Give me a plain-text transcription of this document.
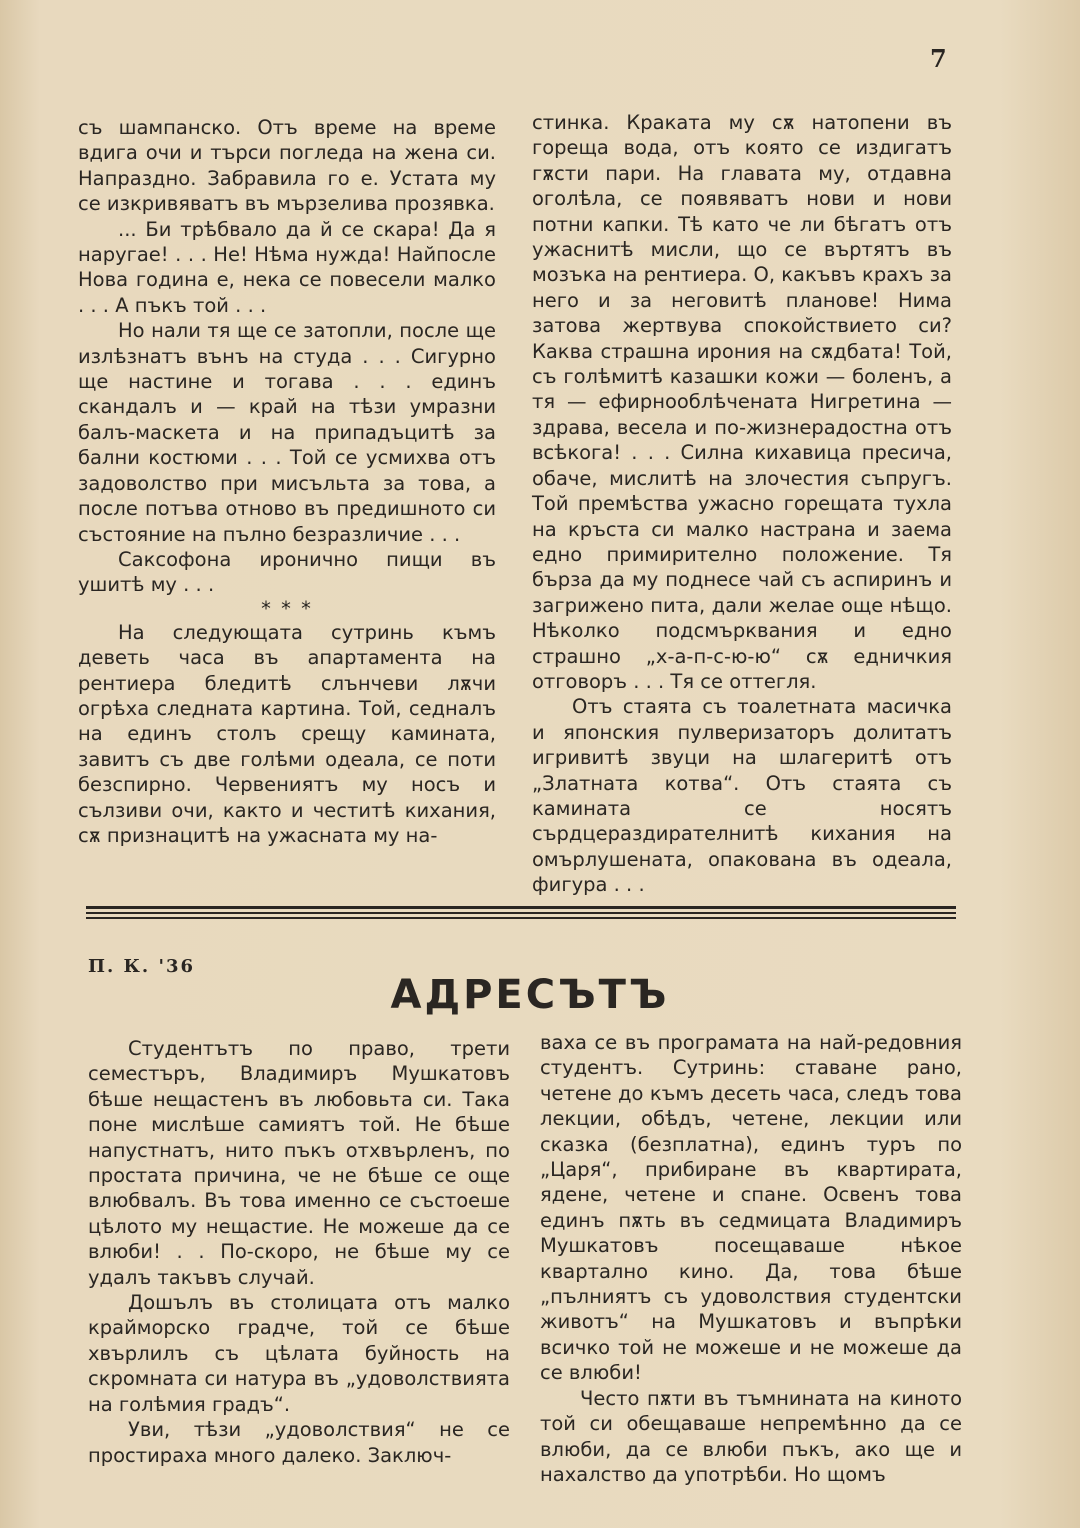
7

съ шампанско. Отъ време на време вдига очи и търси погледа на жена си. Напраздно. Забравила го е. Устата му се изкривяватъ въ мързелива прозявка.

... Би трѣбвало да й се скара! Да я наругае! . . . Не! Нѣма нужда! Найпосле Нова година е, нека се повесели малко . . . А пъкъ той . . .

Но нали тя ще се затопли, после ще излѣзнатъ вънъ на студа . . . Сигурно ще настине и тогава . . . единъ скандалъ и — край на тѣзи умразни балъ-маскета и на припадъцитѣ за бални костюми . . . Той се усмихва отъ задоволство при мисъльта за това, а после потъва отново въ предишното си състояние на пълно безразличие . . .

Саксофона иронично пищи въ ушитѣ му . . .

* * *

На следующата сутринь къмъ деветь часа въ апартамента на рентиера бледитѣ слънчеви лѫчи огрѣха следната картина. Той, седналъ на единъ столъ срещу камината, завитъ съ две голѣми одеала, се поти безспирно. Червениятъ му носъ и сълзиви очи, както и честитѣ кихания, сѫ признацитѣ на ужасната му на-

стинка. Краката му сѫ натопени въ гореща вода, отъ която се издигатъ гѫсти пари. На главата му, отдавна оголѣла, се появяватъ нови и нови потни капки. Тѣ като че ли бѣгатъ отъ ужаснитѣ мисли, що се въртятъ въ мозъка на рентиера. О, какъвъ крахъ за него и за неговитѣ планове! Нима затова жертвува спокойствието си? Каква страшна ирония на сѫдбата! Той, съ голѣмитѣ казашки кожи — боленъ, а тя — ефирнооблѣчената Нигретина — здрава, весела и по-жизнерадостна отъ всѣкога! . . . Силна кихавица пресича, обаче, мислитѣ на злочестия съпругъ. Той премѣства ужасно горещата тухла на кръста си малко настрана и заема едно примирително положение. Тя бърза да му поднесе чай съ аспиринъ и загрижено пита, дали желае още нѣщо. Нѣколко подсмърквания и едно страшно „х-а-п-с-ю-ю“ сѫ едничкия отговоръ . . . Тя се оттегля.

Отъ стаята съ тоалетната масичка и японския пулверизаторъ долитатъ игривитѣ звуци на шлагеритѣ отъ „Златната котва“. Отъ стаята съ камината се носятъ сърдцераздирателнитѣ кихания на омърлушената, опакована въ одеала, фигура . . .

П. К. '36
АДРЕСЪТЪ

Студентътъ по право, трети семестъръ, Владимиръ Мушкатовъ бѣше нещастенъ въ любовьта си. Така поне мислѣше самиятъ той. Не бѣше напустнатъ, нито пъкъ отхвърленъ, по простата причина, че не бѣше се още влюбвалъ. Въ това именно се състоеше цѣлото му нещастие. Не можеше да се влюби! . . По-скоро, не бѣше му се удалъ такъвъ случай.

Дошълъ въ столицата отъ малко крайморско градче, той се бѣше хвърлилъ съ цѣлата буйность на скромната си натура въ „удоволствията на голѣмия градъ“.

Уви, тѣзи „удоволствия“ не се простираха много далеко. Заключ-

ваха се въ програмата на най-редовния студентъ. Сутринь: ставане рано, четене до къмъ десеть часа, следъ това лекции, обѣдъ, четене, лекции или сказка (безплатна), единъ туръ по „Царя“, прибиране въ квартирата, ядене, четене и спане. Освенъ това единъ пѫть въ седмицата Владимиръ Мушкатовъ посещаваше нѣкое квартално кино. Да, това бѣше „пълниятъ съ удоволствия студентски животъ“ на Мушкатовъ и въпрѣки всичко той не можеше и не можеше да се влюби!

Често пѫти въ тъмнината на киното той си обещаваше непремѣнно да се влюби, да се влюби пъкъ, ако ще и нахалство да употрѣби. Но щомъ
